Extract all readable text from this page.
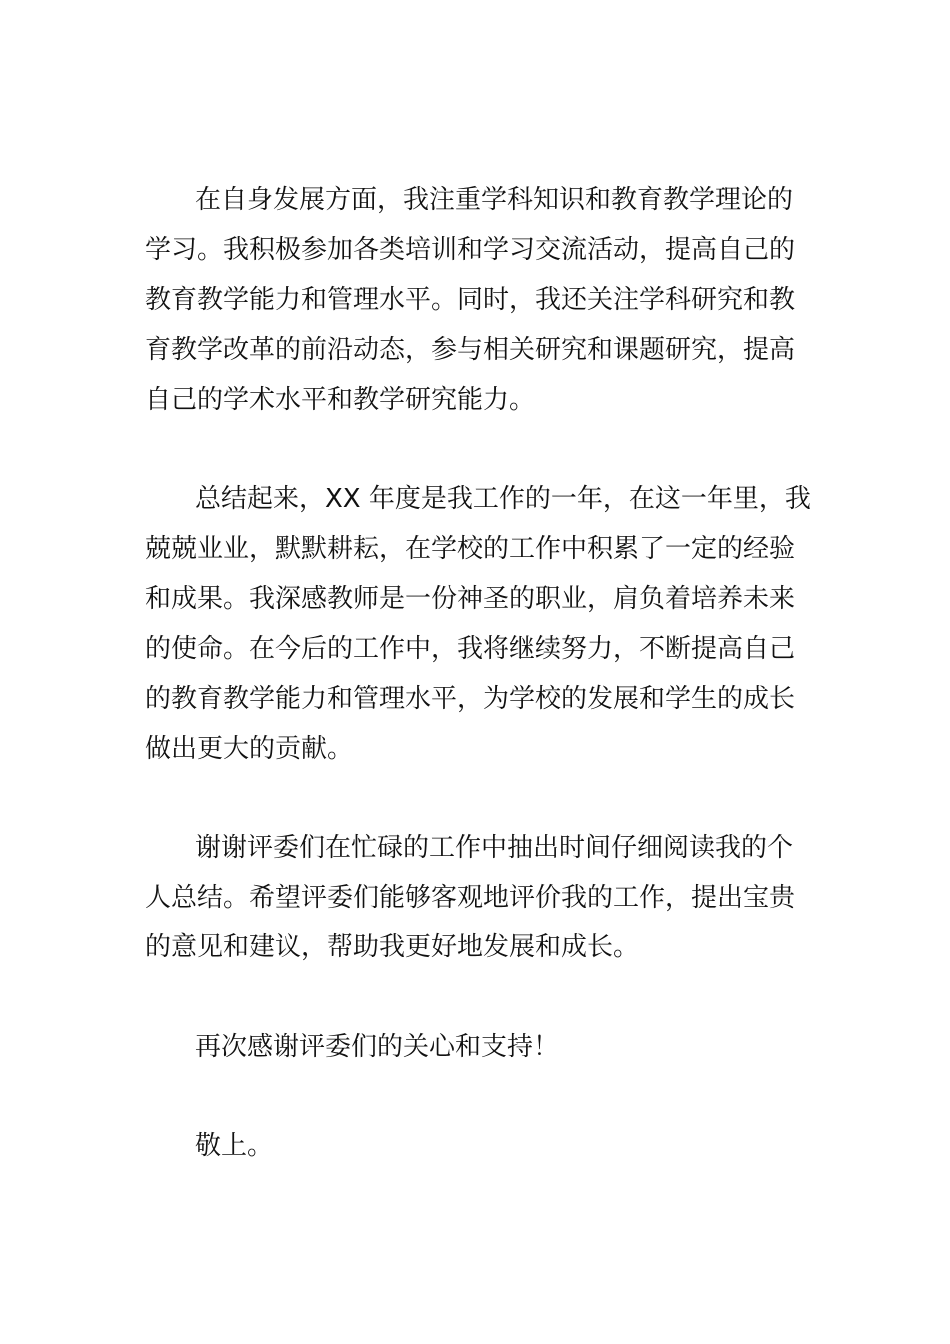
在自身发展方面，我注重学科知识和教育教学理论的
学习。我积极参加各类培训和学习交流活动，提高自己的
教育教学能力和管理水平。同时，我还关注学科研究和教
育教学改革的前沿动态，参与相关研究和课题研究，提高
自己的学术水平和教学研究能力。
总结起来，XX 年度是我工作的一年，在这一年里，我
兢兢业业，默默耕耘，在学校的工作中积累了一定的经验
和成果。我深感教师是一份神圣的职业，肩负着培养未来
的使命。在今后的工作中，我将继续努力，不断提高自己
的教育教学能力和管理水平，为学校的发展和学生的成长
做出更大的贡献。
谢谢评委们在忙碌的工作中抽出时间仔细阅读我的个
人总结。希望评委们能够客观地评价我的工作，提出宝贵
的意见和建议，帮助我更好地发展和成长。
再次感谢评委们的关心和支持！
敬上。
